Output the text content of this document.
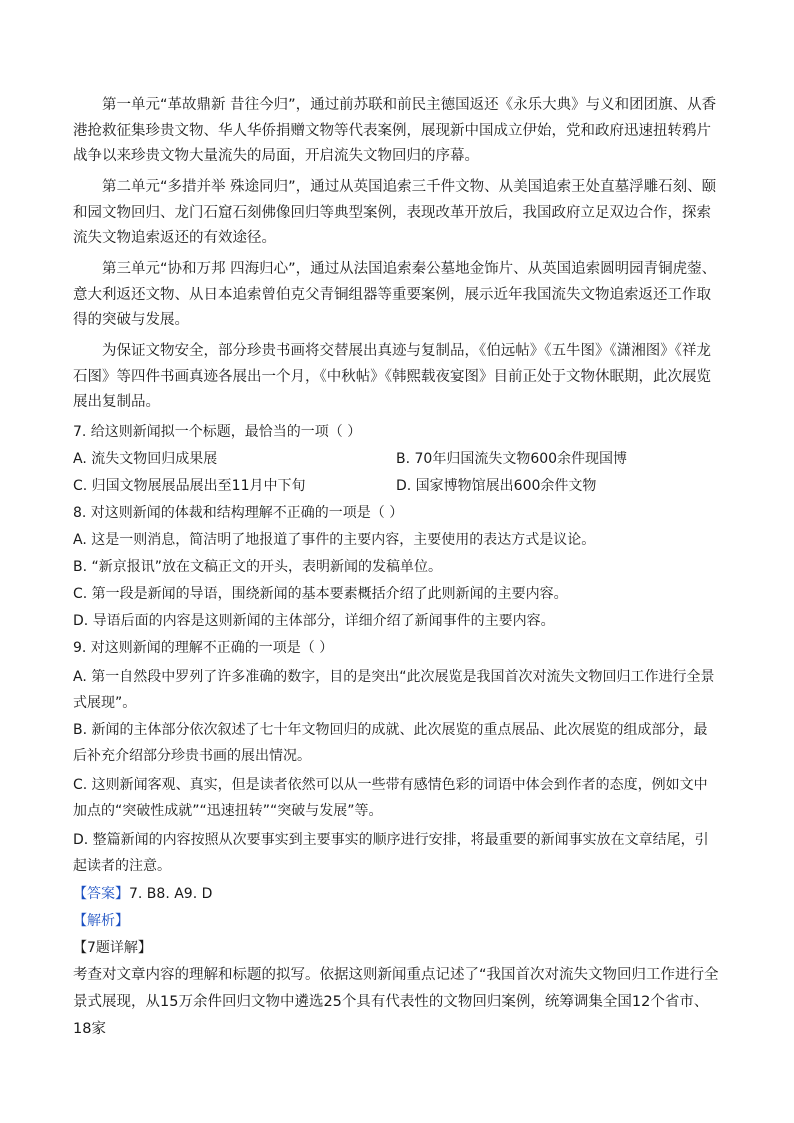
第一单元“革故鼎新 昔往今归”，通过前苏联和前民主德国返还《永乐大典》与义和团团旗、从香港抢救征集珍贵文物、华人华侨捐赠文物等代表案例，展现新中国成立伊始，党和政府迅速扭转鸦片战争以来珍贵文物大量流失的局面，开启流失文物回归的序幕。

第二单元“多措并举 殊途同归”，通过从英国追索三千件文物、从美国追索王处直墓浮雕石刻、颐和园文物回归、龙门石窟石刻佛像回归等典型案例，表现改革开放后，我国政府立足双边合作，探索流失文物追索返还的有效途径。

第三单元“协和万邦 四海归心”，通过从法国追索秦公墓地金饰片、从英国追索圆明园青铜虎蓥、意大利返还文物、从日本追索曾伯克父青铜组器等重要案例，展示近年我国流失文物追索返还工作取得的突破与发展。

为保证文物安全，部分珍贵书画将交替展出真迹与复制品，《伯远帖》《五牛图》《潇湘图》《祥龙石图》等四件书画真迹各展出一个月，《中秋帖》《韩熙载夜宴图》目前正处于文物休眠期，此次展览展出复制品。

7. 给这则新闻拟一个标题，最恰当的一项（ ）

A. 流失文物回归成果展	B. 70年归国流失文物600余件现国博

C. 归国文物展展品展出至11月中下旬	D. 国家博物馆展出600余件文物

8. 对这则新闻的体裁和结构理解不正确的一项是（ ）

A. 这是一则消息，简洁明了地报道了事件的主要内容，主要使用的表达方式是议论。

B. “新京报讯”放在文稿正文的开头，表明新闻的发稿单位。

C. 第一段是新闻的导语，围绕新闻的基本要素概括介绍了此则新闻的主要内容。

D. 导语后面的内容是这则新闻的主体部分，详细介绍了新闻事件的主要内容。

9. 对这则新闻的理解不正确的一项是（ ）

A. 第一自然段中罗列了许多准确的数字，目的是突出“此次展览是我国首次对流失文物回归工作进行全景式展现”。

B. 新闻的主体部分依次叙述了七十年文物回归的成就、此次展览的重点展品、此次展览的组成部分，最后补充介绍部分珍贵书画的展出情况。

C. 这则新闻客观、真实，但是读者依然可以从一些带有感情色彩的词语中体会到作者的态度，例如文中加点的“突破性成就”“迅速扭转”“突破与发展”等。

D. 整篇新闻的内容按照从次要事实到主要事实的顺序进行安排，将最重要的新闻事实放在文章结尾，引起读者的注意。

【答案】7. B8. A9. D

【解析】

【7题详解】

考查对文章内容的理解和标题的拟写。依据这则新闻重点记述了“我国首次对流失文物回归工作进行全景式展现，从15万余件回归文物中遴选25个具有代表性的文物回归案例，统筹调集全国12个省市、18家
